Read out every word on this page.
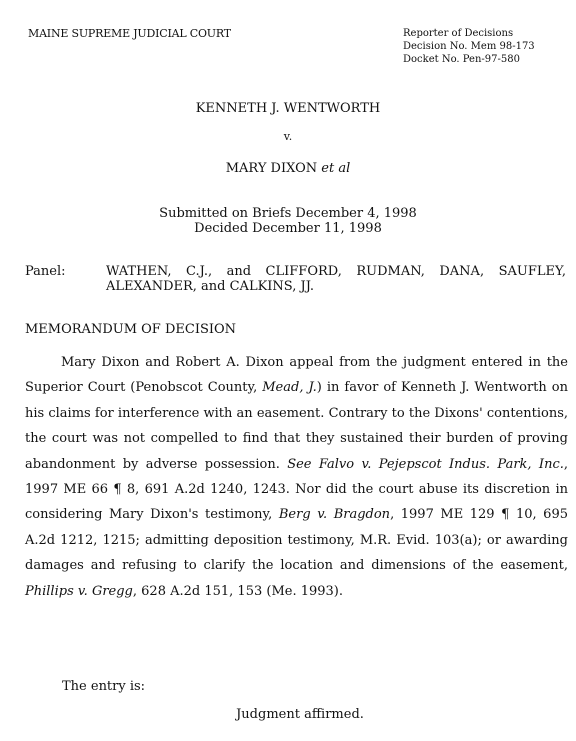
MAINE SUPREME JUDICIAL COURT	Reporter of Decisions
Decision No. Mem 98-173
Docket No. Pen-97-580
KENNETH J. WENTWORTH
v.
MARY DIXON et al
Submitted on Briefs December 4, 1998
Decided December 11, 1998
Panel:	WATHEN, C.J., and CLIFFORD, RUDMAN, DANA, SAUFLEY, ALEXANDER, and CALKINS, JJ.
MEMORANDUM OF DECISION
Mary Dixon and Robert A. Dixon appeal from the judgment entered in the Superior Court (Penobscot County, Mead, J.) in favor of Kenneth J. Wentworth on his claims for interference with an easement. Contrary to the Dixons' contentions, the court was not compelled to find that they sustained their burden of proving abandonment by adverse possession. See Falvo v. Pejepscot Indus. Park, Inc., 1997 ME 66 ¶ 8, 691 A.2d 1240, 1243. Nor did the court abuse its discretion in considering Mary Dixon's testimony, Berg v. Bragdon, 1997 ME 129 ¶ 10, 695 A.2d 1212, 1215; admitting deposition testimony, M.R. Evid. 103(a); or awarding damages and refusing to clarify the location and dimensions of the easement, Phillips v. Gregg, 628 A.2d 151, 153 (Me. 1993).
The entry is:
Judgment affirmed.
